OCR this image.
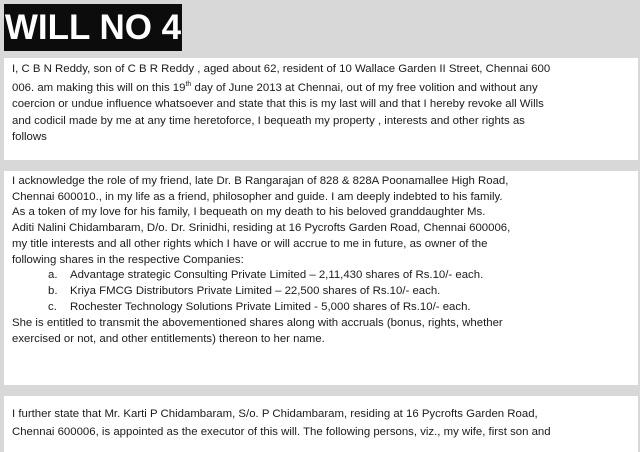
WILL NO 4
I, C B N Reddy, son of C B R Reddy , aged about 62, resident of 10 Wallace Garden II Street, Chennai 600
006. am making this will on this 19th day of June 2013 at Chennai, out of my free volition and without any
coercion or undue influence whatsoever and state that this is my last will and that I hereby revoke all Wills
and codicil made by me at any time heretoforce, I bequeath my property , interests and other rights as
follows
I acknowledge the role of my friend, late Dr. B Rangarajan of 828 & 828A Poonamallee High Road,
Chennai 600010., in my life as a friend, philosopher and guide. I am deeply indebted to his family.
As a token of my love for his family, I bequeath on my death to his beloved granddaughter Ms.
Aditi Nalini Chidambaram, D/o. Dr. Srinidhi, residing at 16 Pycrofts Garden Road, Chennai 600006,
my title interests and all other rights which I have or will accrue to me in future, as owner of the
following shares in the respective Companies:
a. Advantage strategic Consulting Private Limited – 2,11,430 shares of Rs.10/- each.
b. Kriya FMCG Distributors Private Limited – 22,500 shares of Rs.10/- each.
c. Rochester Technology Solutions Private Limited - 5,000 shares of Rs.10/- each.
She is entitled to transmit the abovementioned shares along with accruals (bonus, rights, whether
exercised or not, and other entitlements) thereon to her name.
I further state that Mr. Karti P Chidambaram, S/o. P Chidambaram, residing at 16 Pycrofts Garden Road,
Chennai 600006, is appointed as the executor of this will. The following persons, viz., my wife, first son and
